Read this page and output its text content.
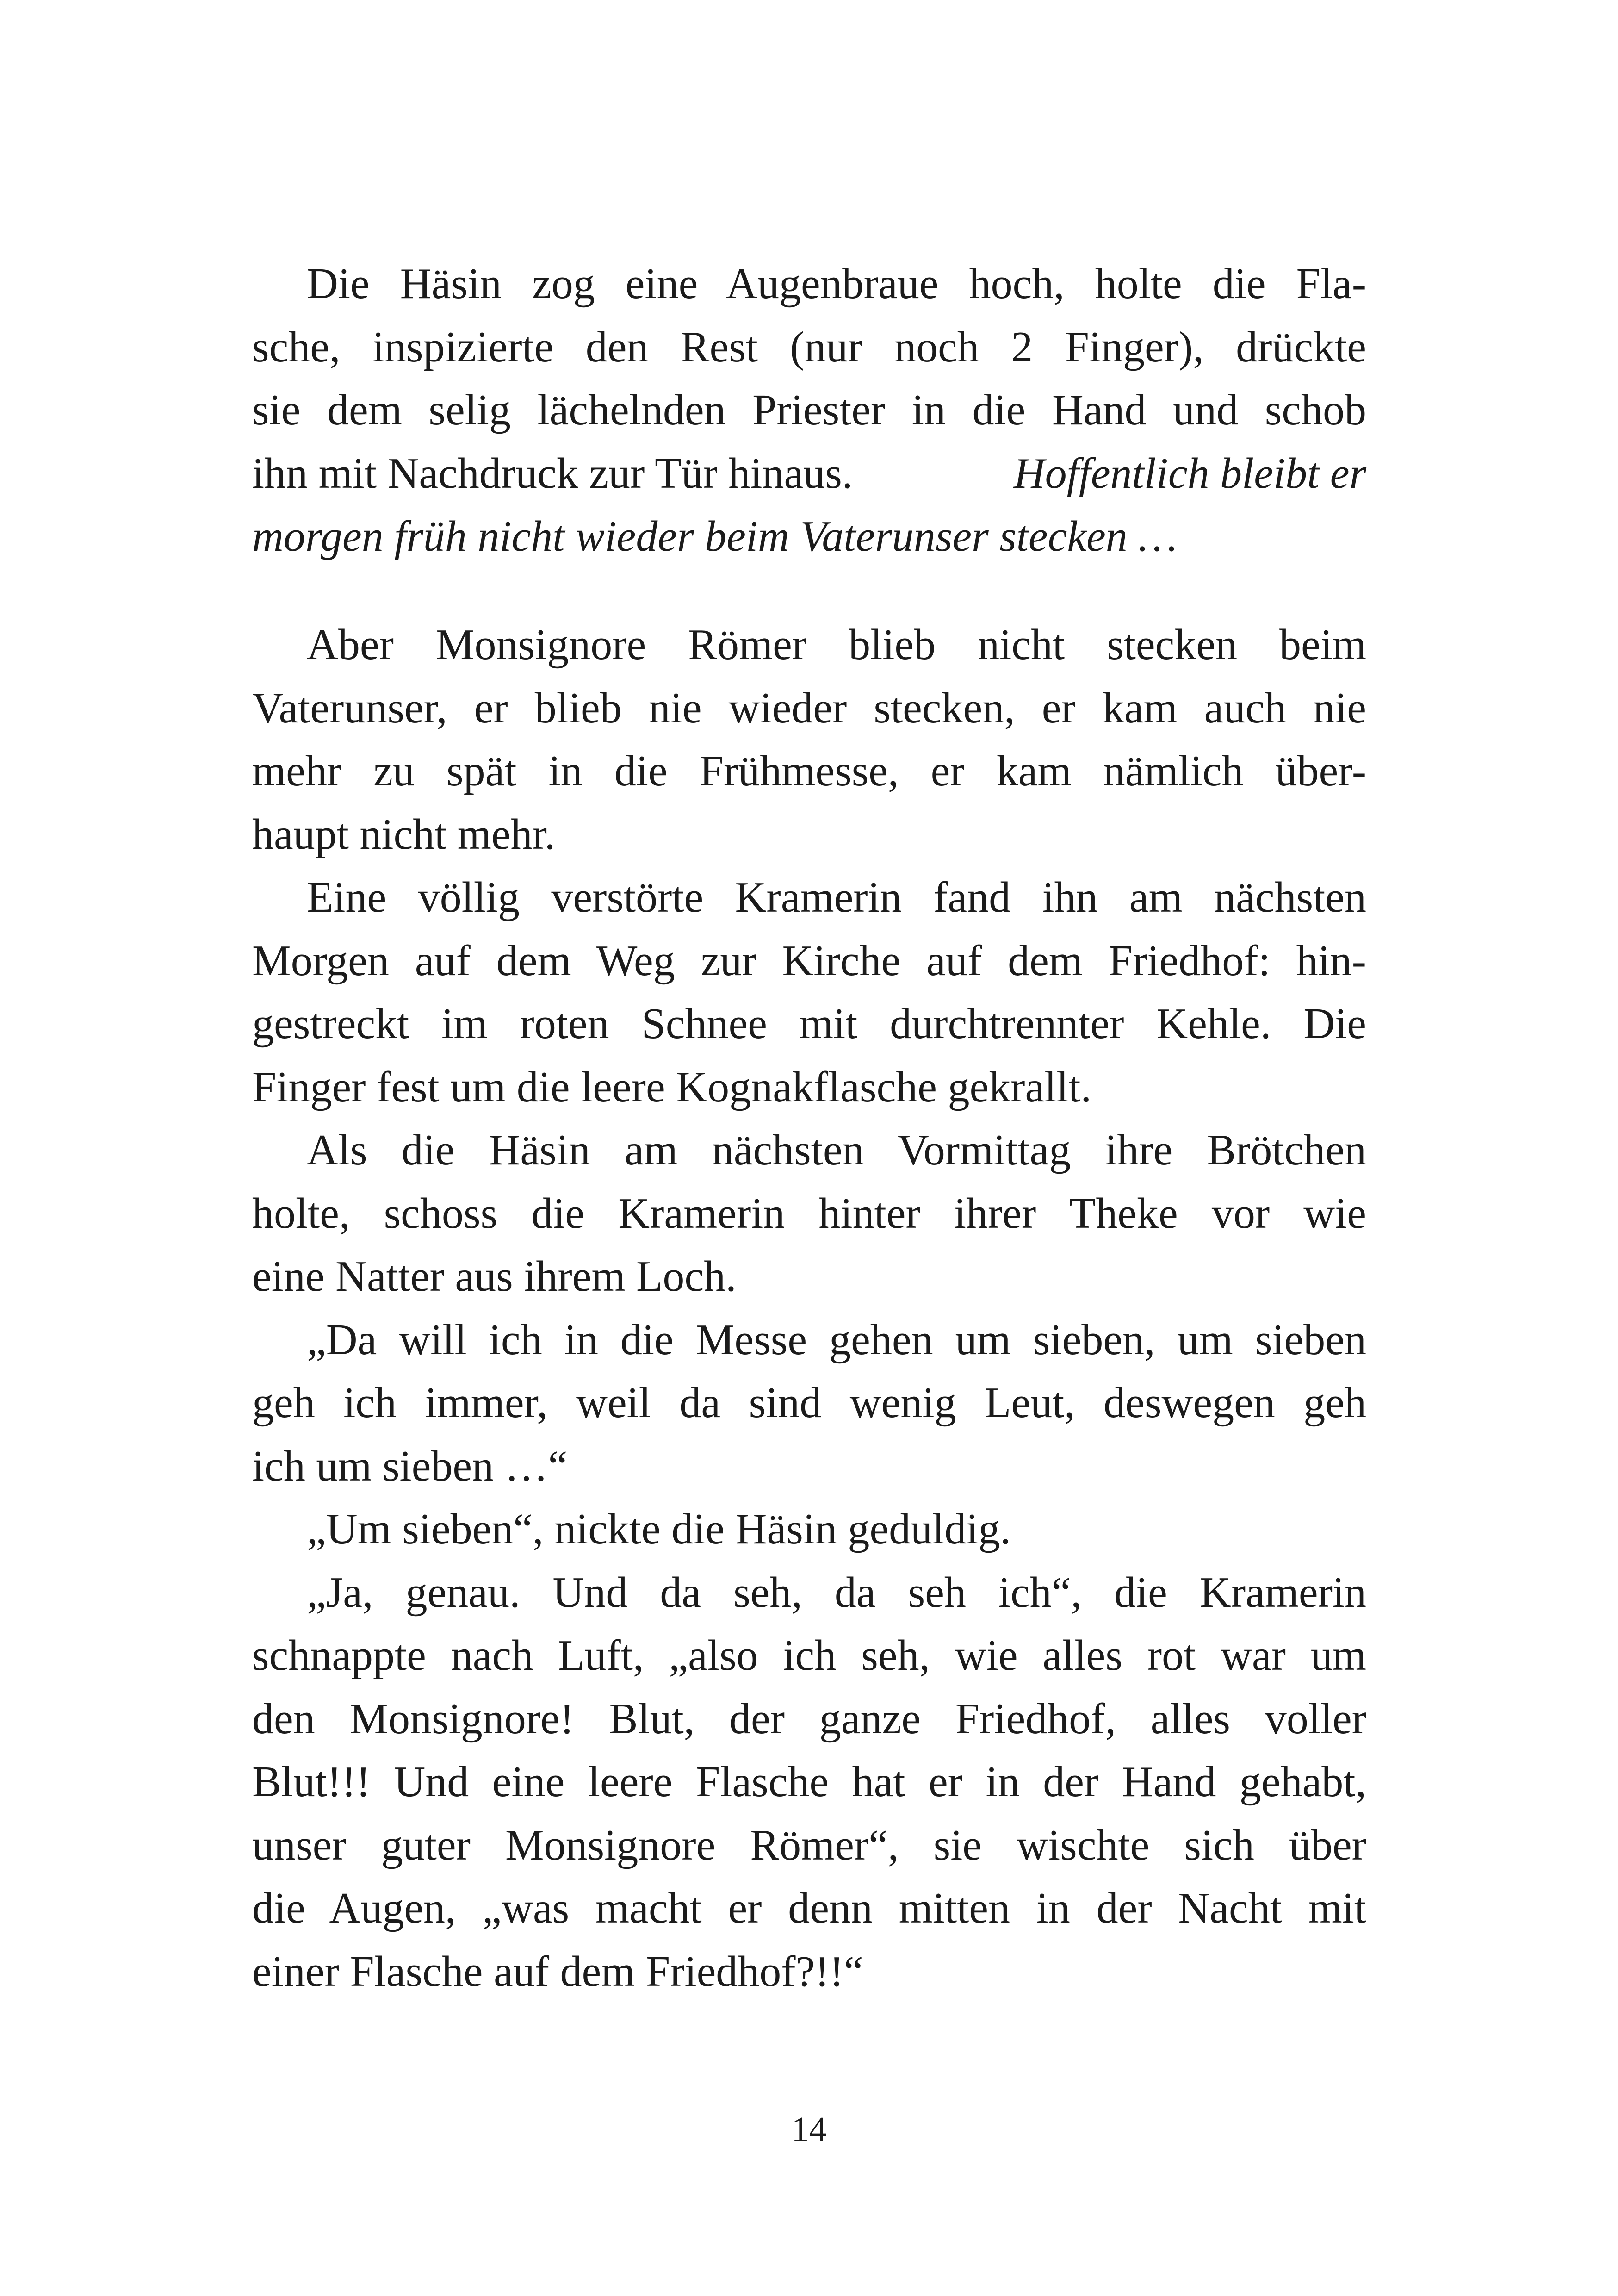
Die Häsin zog eine Augenbraue hoch, holte die Fla-
sche, inspizierte den Rest (nur noch 2 Finger), drückte
sie dem selig lächelnden Priester in die Hand und schob
ihn mit Nachdruck zur Tür hinaus.	Hoffentlich bleibt er
morgen früh nicht wieder beim Vaterunser stecken …
Aber Monsignore Römer blieb nicht stecken beim
Vaterunser, er blieb nie wieder stecken, er kam auch nie
mehr zu spät in die Frühmesse, er kam nämlich über-
haupt nicht mehr.
Eine völlig verstörte Kramerin fand ihn am nächsten
Morgen auf dem Weg zur Kirche auf dem Friedhof: hin-
gestreckt im roten Schnee mit durchtrennter Kehle. Die
Finger fest um die leere Kognakflasche gekrallt.
Als die Häsin am nächsten Vormittag ihre Brötchen
holte, schoss die Kramerin hinter ihrer Theke vor wie
eine Natter aus ihrem Loch.
„Da will ich in die Messe gehen um sieben, um sieben
geh ich immer, weil da sind wenig Leut, deswegen geh
ich um sieben …“
„Um sieben“, nickte die Häsin geduldig.
„Ja, genau. Und da seh, da seh ich“, die Kramerin
schnappte nach Luft, „also ich seh, wie alles rot war um
den Monsignore! Blut, der ganze Friedhof, alles voller
Blut!!! Und eine leere Flasche hat er in der Hand gehabt,
unser guter Monsignore Römer“, sie wischte sich über
die Augen, „was macht er denn mitten in der Nacht mit
einer Flasche auf dem Friedhof?!!“
14
